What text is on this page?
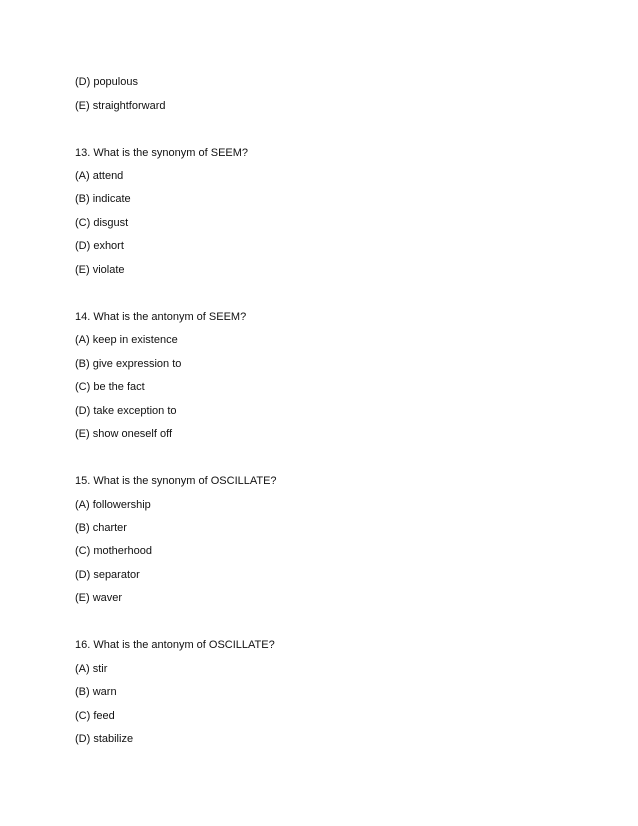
(D) populous
(E) straightforward
13. What is the synonym of SEEM?
(A) attend
(B) indicate
(C) disgust
(D) exhort
(E) violate
14. What is the antonym of SEEM?
(A) keep in existence
(B) give expression to
(C) be the fact
(D) take exception to
(E) show oneself off
15. What is the synonym of OSCILLATE?
(A) followership
(B) charter
(C) motherhood
(D) separator
(E) waver
16. What is the antonym of OSCILLATE?
(A) stir
(B) warn
(C) feed
(D) stabilize
